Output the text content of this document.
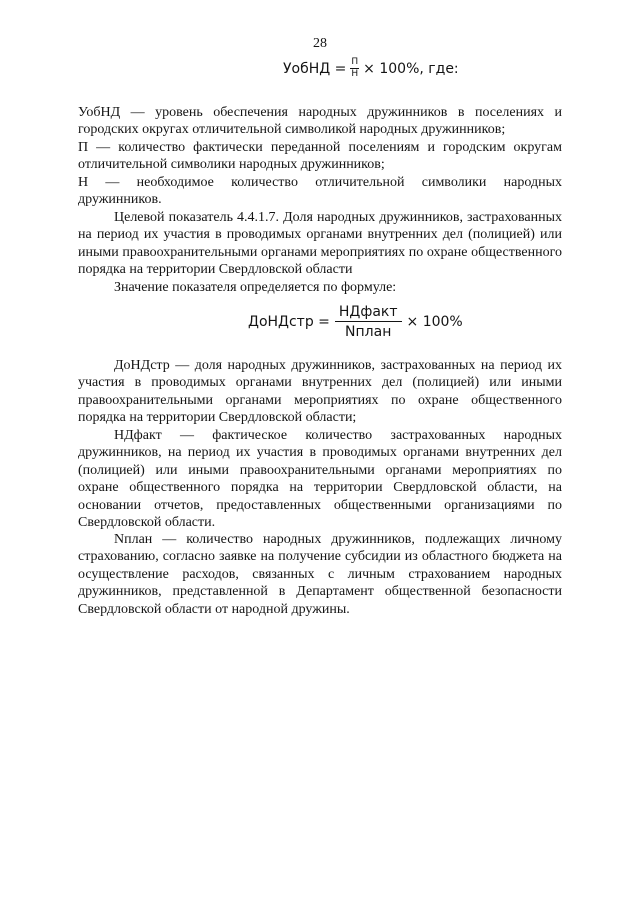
28
УобНД = $\frac{П}{Н} \times 100\%$, где:

УобНД — уровень обеспечения народных дружинников в поселениях и городских округах отличительной символикой народных дружинников;

П — количество фактически переданной поселениям и городским округам отличительной символики народных дружинников;

Н — необходимое количество отличительной символики народных дружинников.

Целевой показатель 4.4.1.7. Доля народных дружинников, застрахованных на период их участия в проводимых органами внутренних дел (полицией) или иными правоохранительными органами мероприятиях по охране общественного порядка на территории Свердловской области

Значение показателя определяется по формуле:

ДоНДстр = $\frac{\text{НДфакт}}{\text{Nплан}} \times 100\%$

ДоНДстр — доля народных дружинников, застрахованных на период их участия в проводимых органами внутренних дел (полицией) или иными правоохранительными органами мероприятиях по охране общественного порядка на территории Свердловской области;

НДфакт — фактическое количество застрахованных народных дружинников, на период их участия в проводимых органами внутренних дел (полицией) или иными правоохранительными органами мероприятиях по охране общественного порядка на территории Свердловской области, на основании отчетов, предоставленных общественными организациями по Свердловской области.

Nплан — количество народных дружинников, подлежащих личному страхованию, согласно заявке на получение субсидии из областного бюджета на осуществление расходов, связанных с личным страхованием народных дружинников, представленной в Департамент общественной безопасности Свердловской области от народной дружины.
